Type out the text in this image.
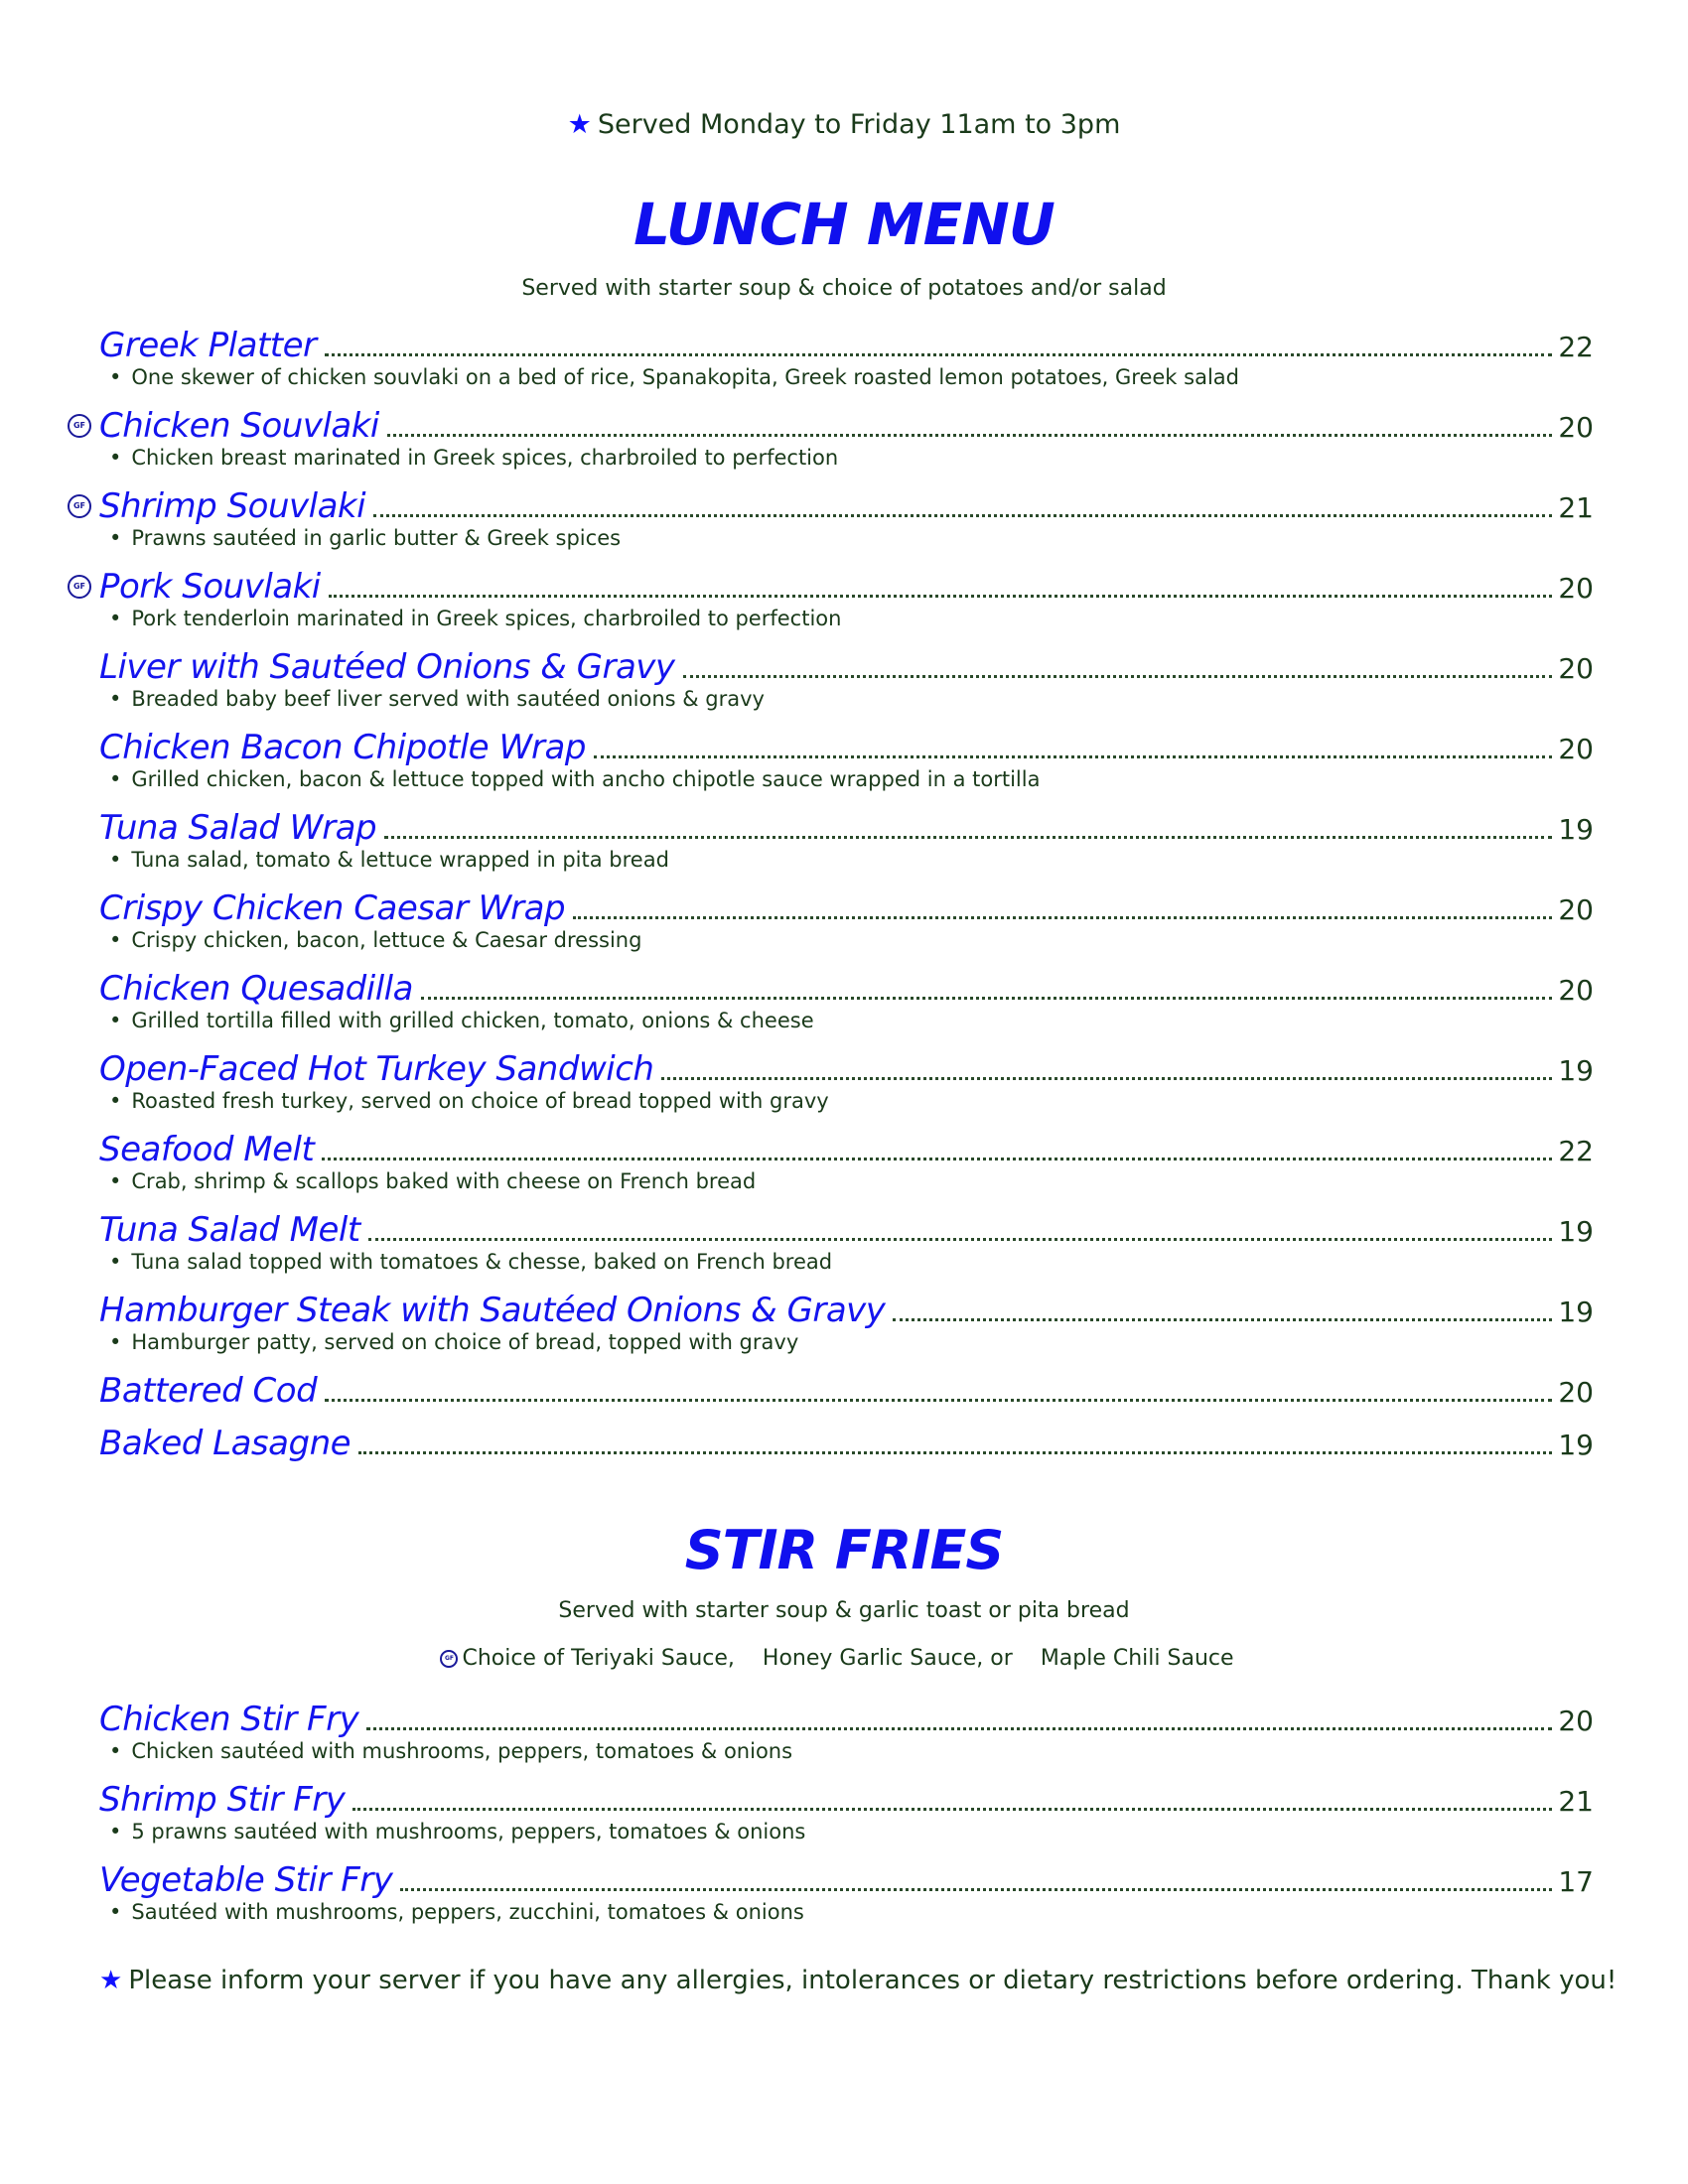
★ Served Monday to Friday 11am to 3pm
LUNCH MENU
Served with starter soup & choice of potatoes and/or salad
Greek Platter	22
• One skewer of chicken souvlaki on a bed of rice, Spanakopita, Greek roasted lemon potatoes, Greek salad
GF Chicken Souvlaki	20
• Chicken breast marinated in Greek spices, charbroiled to perfection
GF Shrimp Souvlaki	21
• Prawns sautéed in garlic butter & Greek spices
GF Pork Souvlaki	20
• Pork tenderloin marinated in Greek spices, charbroiled to perfection
Liver with Sautéed Onions & Gravy	20
• Breaded baby beef liver served with sautéed onions & gravy
Chicken Bacon Chipotle Wrap	20
• Grilled chicken, bacon & lettuce topped with ancho chipotle sauce wrapped in a tortilla
Tuna Salad Wrap	19
• Tuna salad, tomato & lettuce wrapped in pita bread
Crispy Chicken Caesar Wrap	20
• Crispy chicken, bacon, lettuce & Caesar dressing
Chicken Quesadilla	20
• Grilled tortilla filled with grilled chicken, tomato, onions & cheese
Open-Faced Hot Turkey Sandwich	19
• Roasted fresh turkey, served on choice of bread topped with gravy
Seafood Melt	22
• Crab, shrimp & scallops baked with cheese on French bread
Tuna Salad Melt	19
• Tuna salad topped with tomatoes & chesse, baked on French bread
Hamburger Steak with Sautéed Onions & Gravy	19
• Hamburger patty, served on choice of bread, topped with gravy
Battered Cod	20
Baked Lasagne	19
STIR FRIES
Served with starter soup & garlic toast or pita bread
GF Choice of Teriyaki Sauce, Honey Garlic Sauce, or Maple Chili Sauce
Chicken Stir Fry	20
• Chicken sautéed with mushrooms, peppers, tomatoes & onions
Shrimp Stir Fry	21
• 5 prawns sautéed with mushrooms, peppers, tomatoes & onions
Vegetable Stir Fry	17
• Sautéed with mushrooms, peppers, zucchini, tomatoes & onions
★ Please inform your server if you have any allergies, intolerances or dietary restrictions before ordering. Thank you!
